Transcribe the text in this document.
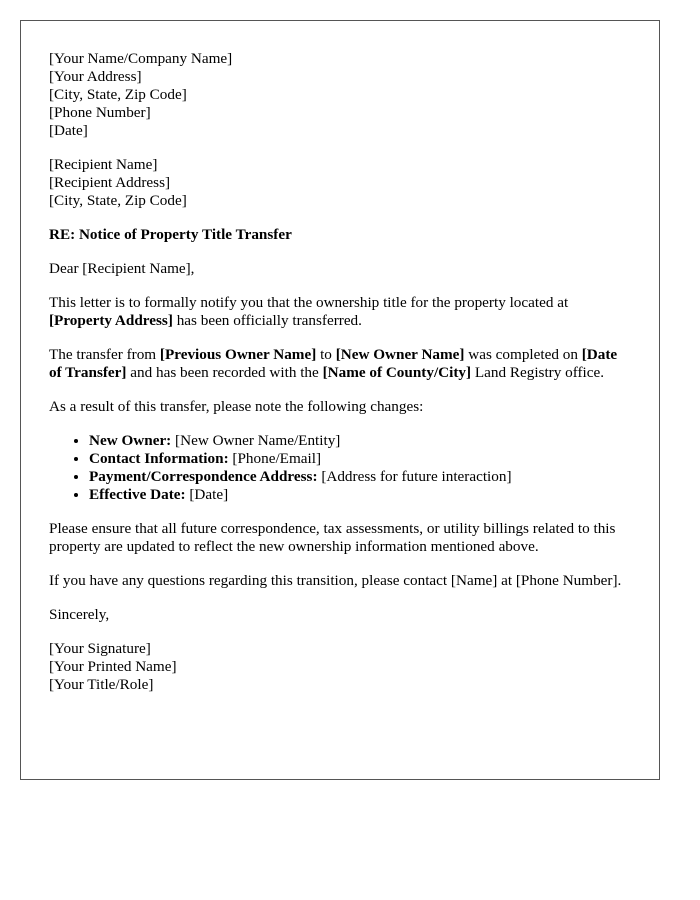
[Your Name/Company Name]
[Your Address]
[City, State, Zip Code]
[Phone Number]
[Date]
[Recipient Name]
[Recipient Address]
[City, State, Zip Code]

RE: Notice of Property Title Transfer

Dear [Recipient Name],

This letter is to formally notify you that the ownership title for the property located at [Property Address] has been officially transferred.

The transfer from [Previous Owner Name] to [New Owner Name] was completed on [Date of Transfer] and has been recorded with the [Name of County/City] Land Registry office.

As a result of this transfer, please note the following changes:

• New Owner: [New Owner Name/Entity]
• Contact Information: [Phone/Email]
• Payment/Correspondence Address: [Address for future interaction]
• Effective Date: [Date]

Please ensure that all future correspondence, tax assessments, or utility billings related to this property are updated to reflect the new ownership information mentioned above.

If you have any questions regarding this transition, please contact [Name] at [Phone Number].

Sincerely,

[Your Signature]
[Your Printed Name]
[Your Title/Role]
